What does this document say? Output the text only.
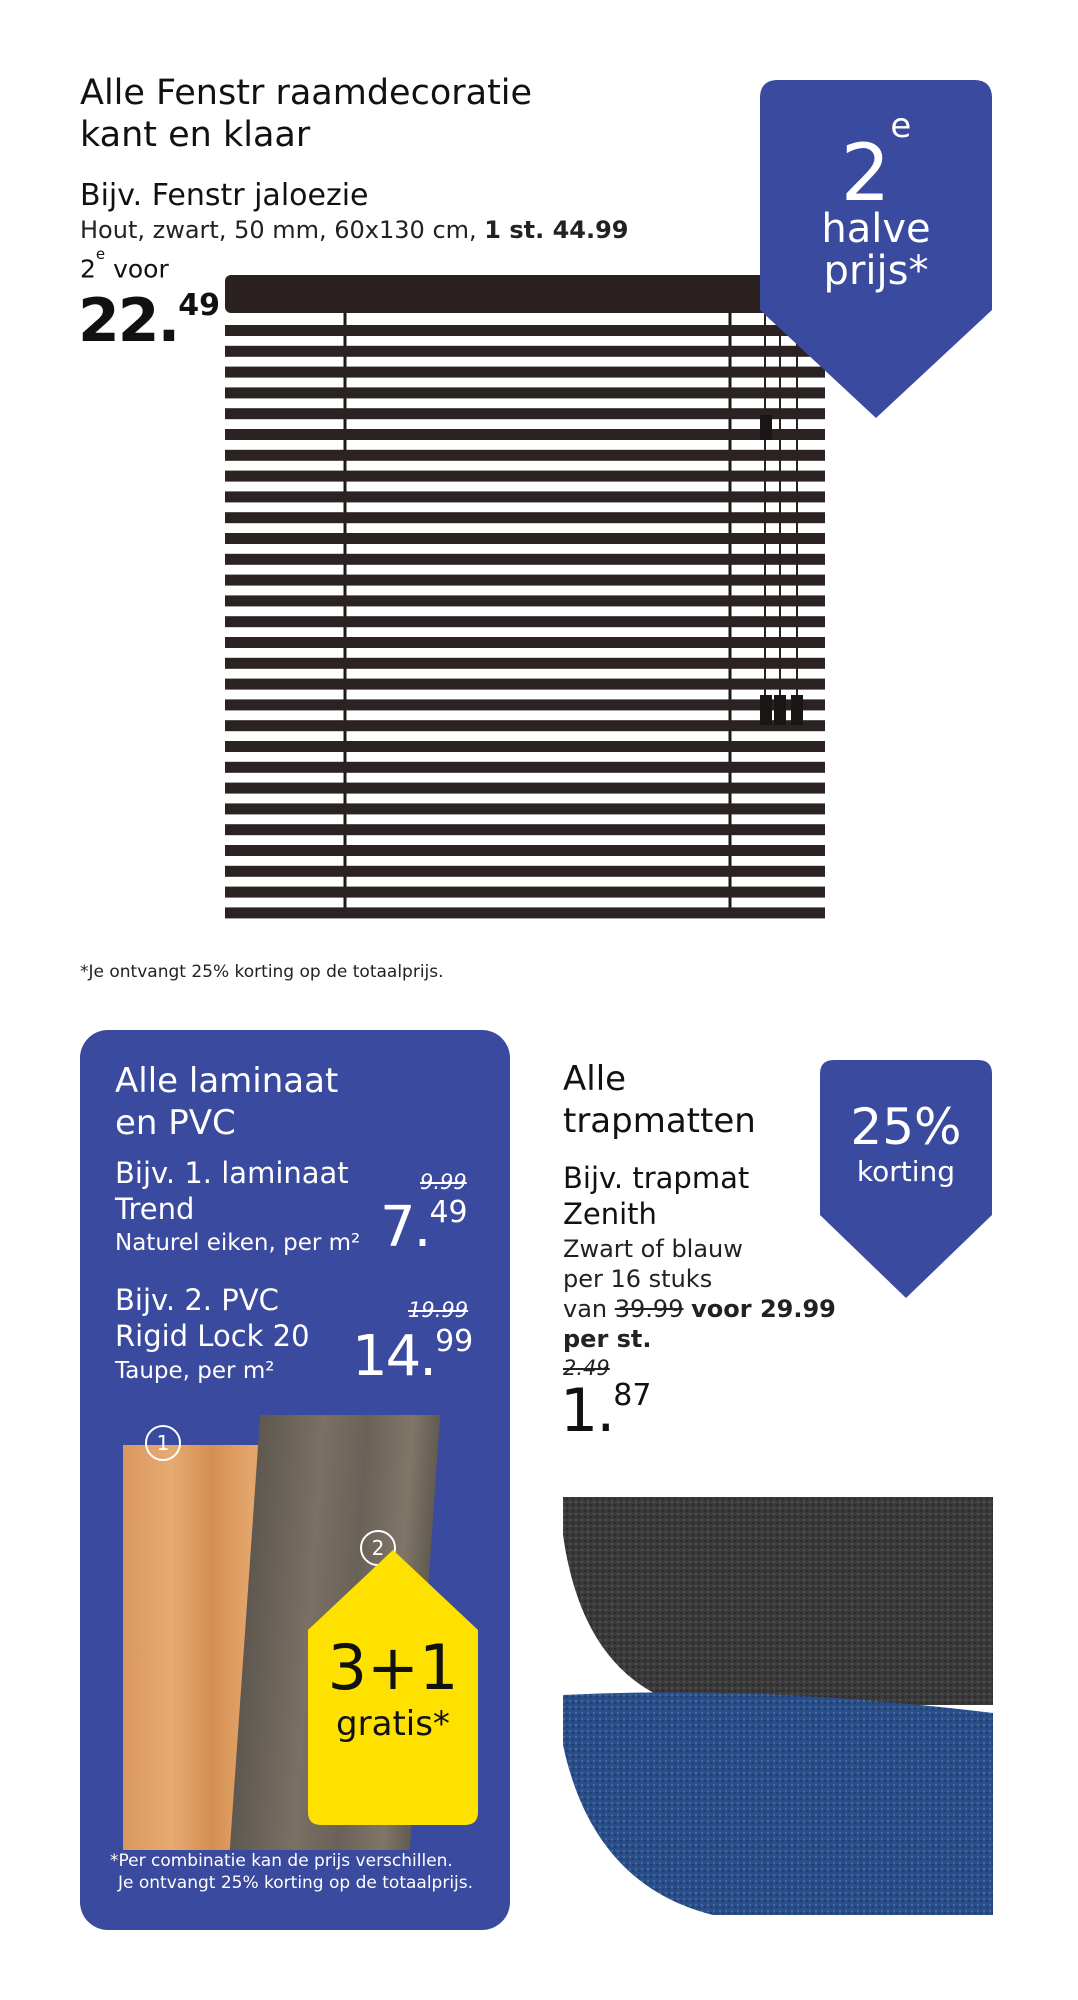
Alle Fenstr raamdecoratie
kant en klaar
Bijv. Fenstr jaloezie
Hout, zwart, 50 mm, 60x130 cm, 1 st. 44.99
2e voor
22.49
2e
halve
prijs*
*Je ontvangt 25% korting op de totaalprijs.
Alle laminaat
en PVC
Bijv. 1. laminaat
Trend
Naturel eiken, per m²
9.99
7.49
Bijv. 2. PVC
Rigid Lock 20
Taupe, per m²
19.99
14.99
1
2
3+1
gratis*
*Per combinatie kan de prijs verschillen.
Je ontvangt 25% korting op de totaalprijs.
Alle
trapmatten
Bijv. trapmat
Zenith
Zwart of blauw
per 16 stuks
van 39.99 voor 29.99
per st.
2.49
1.87
25%
korting
